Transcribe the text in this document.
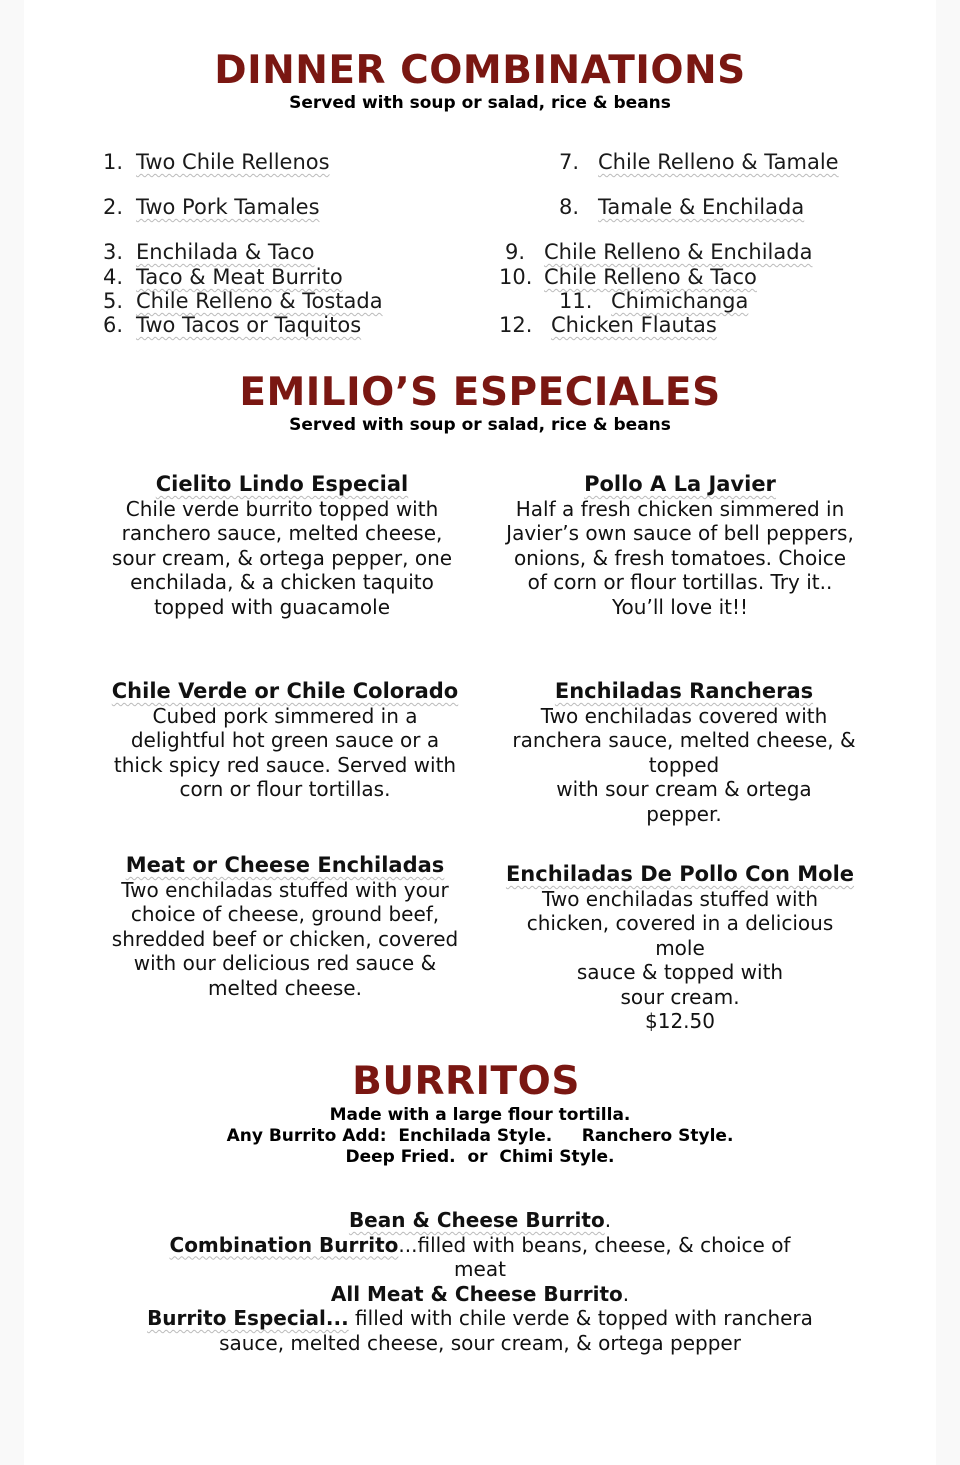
DINNER COMBINATIONS
Served with soup or salad, rice & beans
1. Two Chile Rellenos
2. Two Pork Tamales
3. Enchilada & Taco
4. Taco & Meat Burrito
5. Chile Relleno & Tostada
6. Two Tacos or Taquitos
7. Chile Relleno & Tamale
8. Tamale & Enchilada
9. Chile Relleno & Enchilada
10. Chile Relleno & Taco
11. Chimichanga
12. Chicken Flautas
EMILIO’S ESPECIALES
Served with soup or salad, rice & beans
Cielito Lindo Especial
Chile verde burrito topped with
ranchero sauce, melted cheese,
sour cream, & ortega pepper, one
enchilada, & a chicken taquito
topped with guacamole
Pollo A La Javier
Half a fresh chicken simmered in
Javier’s own sauce of bell peppers,
onions, & fresh tomatoes. Choice
of corn or flour tortillas. Try it..
You’ll love it!!
Chile Verde or Chile Colorado
Cubed pork simmered in a
delightful hot green sauce or a
thick spicy red sauce. Served with
corn or flour tortillas.
Enchiladas Rancheras
Two enchiladas covered with
ranchera sauce, melted cheese, &
topped
with sour cream & ortega
pepper.
Meat or Cheese Enchiladas
Two enchiladas stuffed with your
choice of cheese, ground beef,
shredded beef or chicken, covered
with our delicious red sauce &
melted cheese.
Enchiladas De Pollo Con Mole
Two enchiladas stuffed with
chicken, covered in a delicious
mole
sauce & topped with
sour cream.
$12.50
BURRITOS
Made with a large flour tortilla.
Any Burrito Add:  Enchilada Style.     Ranchero Style.
Deep Fried.  or  Chimi Style.
Bean & Cheese Burrito.
Combination Burrito...filled with beans, cheese, & choice of
meat
All Meat & Cheese Burrito.
Burrito Especial... filled with chile verde & topped with ranchera
sauce, melted cheese, sour cream, & ortega pepper
